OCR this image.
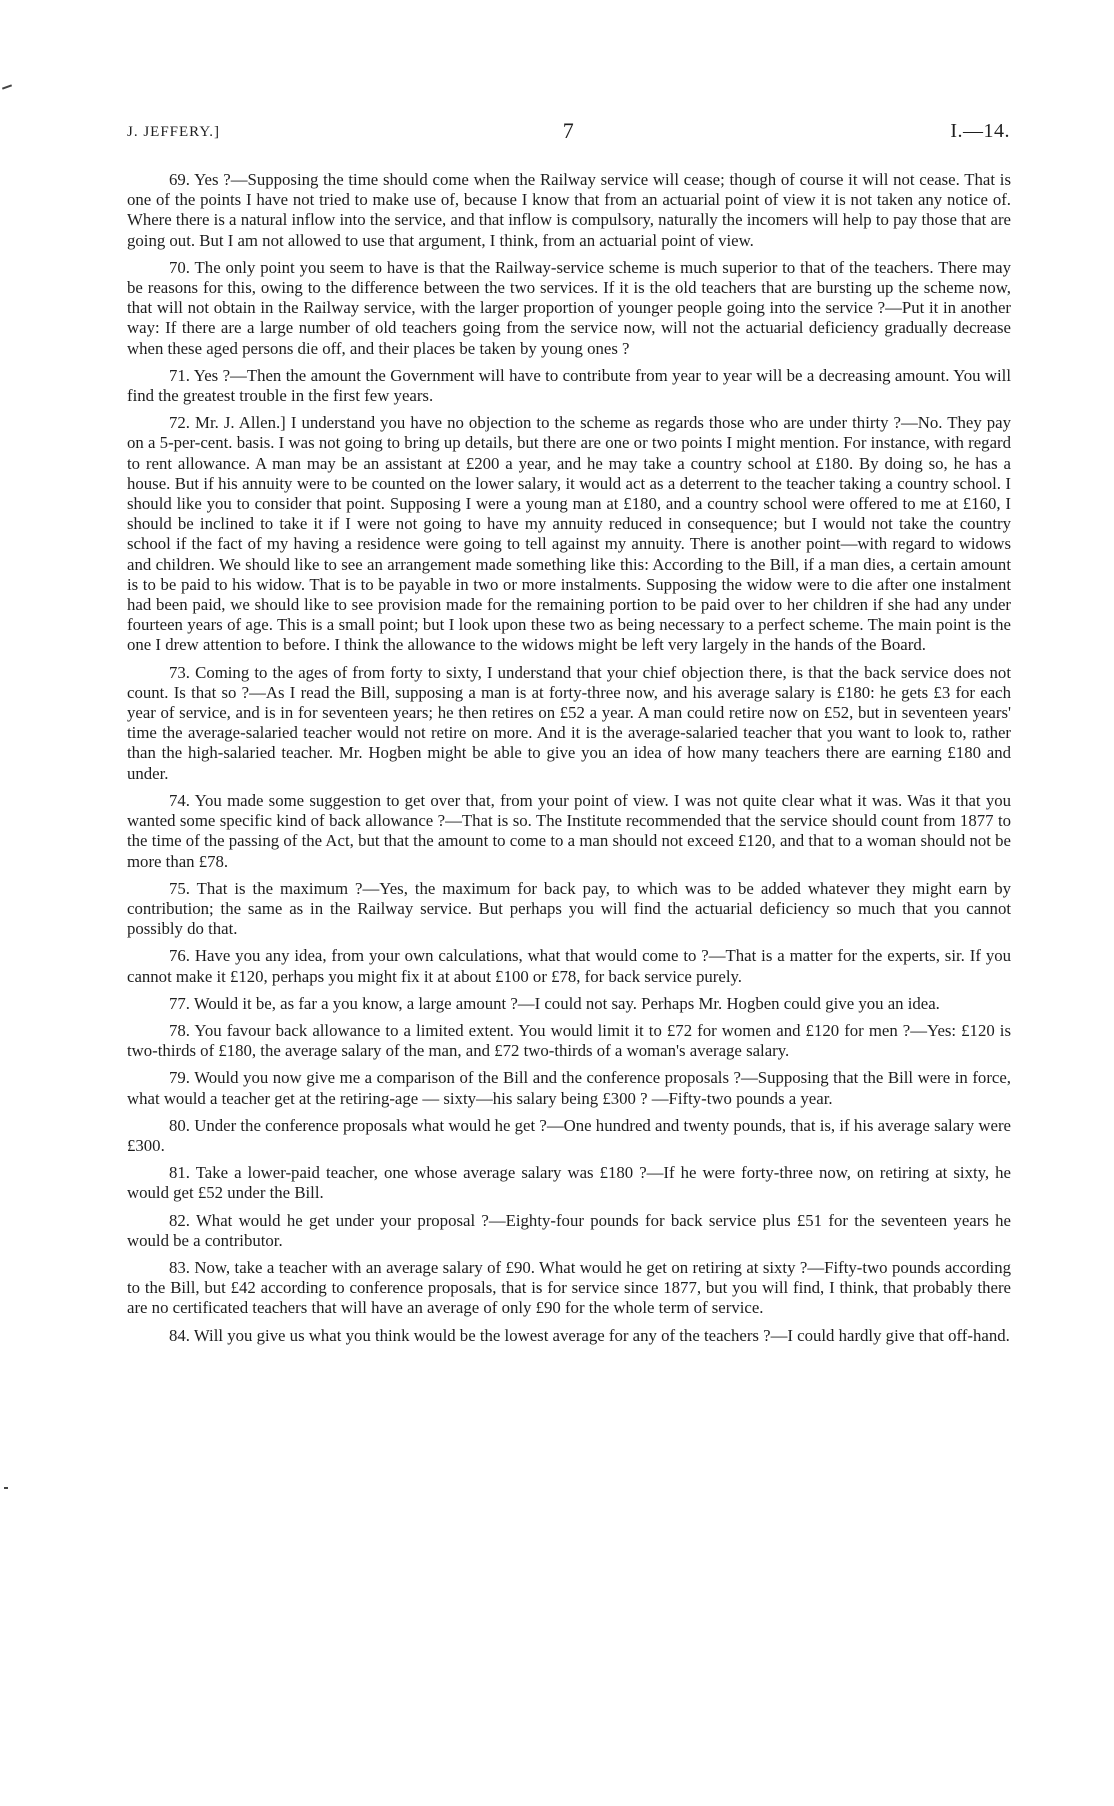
J. JEFFERY.]	7	I.—14.

69. Yes ?—Supposing the time should come when the Railway service will cease; though of course it will not cease. That is one of the points I have not tried to make use of, because I know that from an actuarial point of view it is not taken any notice of. Where there is a natural inflow into the service, and that inflow is compulsory, naturally the incomers will help to pay those that are going out. But I am not allowed to use that argument, I think, from an actuarial point of view.

70. The only point you seem to have is that the Railway-service scheme is much superior to that of the teachers. There may be reasons for this, owing to the difference between the two services. If it is the old teachers that are bursting up the scheme now, that will not obtain in the Railway service, with the larger proportion of younger people going into the service ?—Put it in another way: If there are a large number of old teachers going from the service now, will not the actuarial deficiency gradually decrease when these aged persons die off, and their places be taken by young ones ?

71. Yes ?—Then the amount the Government will have to contribute from year to year will be a decreasing amount. You will find the greatest trouble in the first few years.

72. Mr. J. Allen.] I understand you have no objection to the scheme as regards those who are under thirty ?—No. They pay on a 5-per-cent. basis. I was not going to bring up details, but there are one or two points I might mention. For instance, with regard to rent allowance. A man may be an assistant at £200 a year, and he may take a country school at £180. By doing so, he has a house. But if his annuity were to be counted on the lower salary, it would act as a deterrent to the teacher taking a country school. I should like you to consider that point. Supposing I were a young man at £180, and a country school were offered to me at £160, I should be inclined to take it if I were not going to have my annuity reduced in consequence; but I would not take the country school if the fact of my having a residence were going to tell against my annuity. There is another point—with regard to widows and children. We should like to see an arrangement made something like this: According to the Bill, if a man dies, a certain amount is to be paid to his widow. That is to be payable in two or more instalments. Supposing the widow were to die after one instalment had been paid, we should like to see provision made for the remaining portion to be paid over to her children if she had any under fourteen years of age. This is a small point; but I look upon these two as being necessary to a perfect scheme. The main point is the one I drew attention to before. I think the allowance to the widows might be left very largely in the hands of the Board.

73. Coming to the ages of from forty to sixty, I understand that your chief objection there, is that the back service does not count. Is that so ?—As I read the Bill, supposing a man is at forty-three now, and his average salary is £180: he gets £3 for each year of service, and is in for seventeen years; he then retires on £52 a year. A man could retire now on £52, but in seventeen years' time the average-salaried teacher would not retire on more. And it is the average-salaried teacher that you want to look to, rather than the high-salaried teacher. Mr. Hogben might be able to give you an idea of how many teachers there are earning £180 and under.

74. You made some suggestion to get over that, from your point of view. I was not quite clear what it was. Was it that you wanted some specific kind of back allowance ?—That is so. The Institute recommended that the service should count from 1877 to the time of the passing of the Act, but that the amount to come to a man should not exceed £120, and that to a woman should not be more than £78.

75. That is the maximum ?—Yes, the maximum for back pay, to which was to be added whatever they might earn by contribution; the same as in the Railway service. But perhaps you will find the actuarial deficiency so much that you cannot possibly do that.

76. Have you any idea, from your own calculations, what that would come to ?—That is a matter for the experts, sir. If you cannot make it £120, perhaps you might fix it at about £100 or £78, for back service purely.

77. Would it be, as far a you know, a large amount ?—I could not say. Perhaps Mr. Hogben could give you an idea.

78. You favour back allowance to a limited extent. You would limit it to £72 for women and £120 for men ?—Yes: £120 is two-thirds of £180, the average salary of the man, and £72 two-thirds of a woman's average salary.

79. Would you now give me a comparison of the Bill and the conference proposals ?—Supposing that the Bill were in force, what would a teacher get at the retiring-age — sixty—his salary being £300 ? —Fifty-two pounds a year.

80. Under the conference proposals what would he get ?—One hundred and twenty pounds, that is, if his average salary were £300.

81. Take a lower-paid teacher, one whose average salary was £180 ?—If he were forty-three now, on retiring at sixty, he would get £52 under the Bill.

82. What would he get under your proposal ?—Eighty-four pounds for back service plus £51 for the seventeen years he would be a contributor.

83. Now, take a teacher with an average salary of £90. What would he get on retiring at sixty ?—Fifty-two pounds according to the Bill, but £42 according to conference proposals, that is for service since 1877, but you will find, I think, that probably there are no certificated teachers that will have an average of only £90 for the whole term of service.

84. Will you give us what you think would be the lowest average for any of the teachers ?—I could hardly give that off-hand.
